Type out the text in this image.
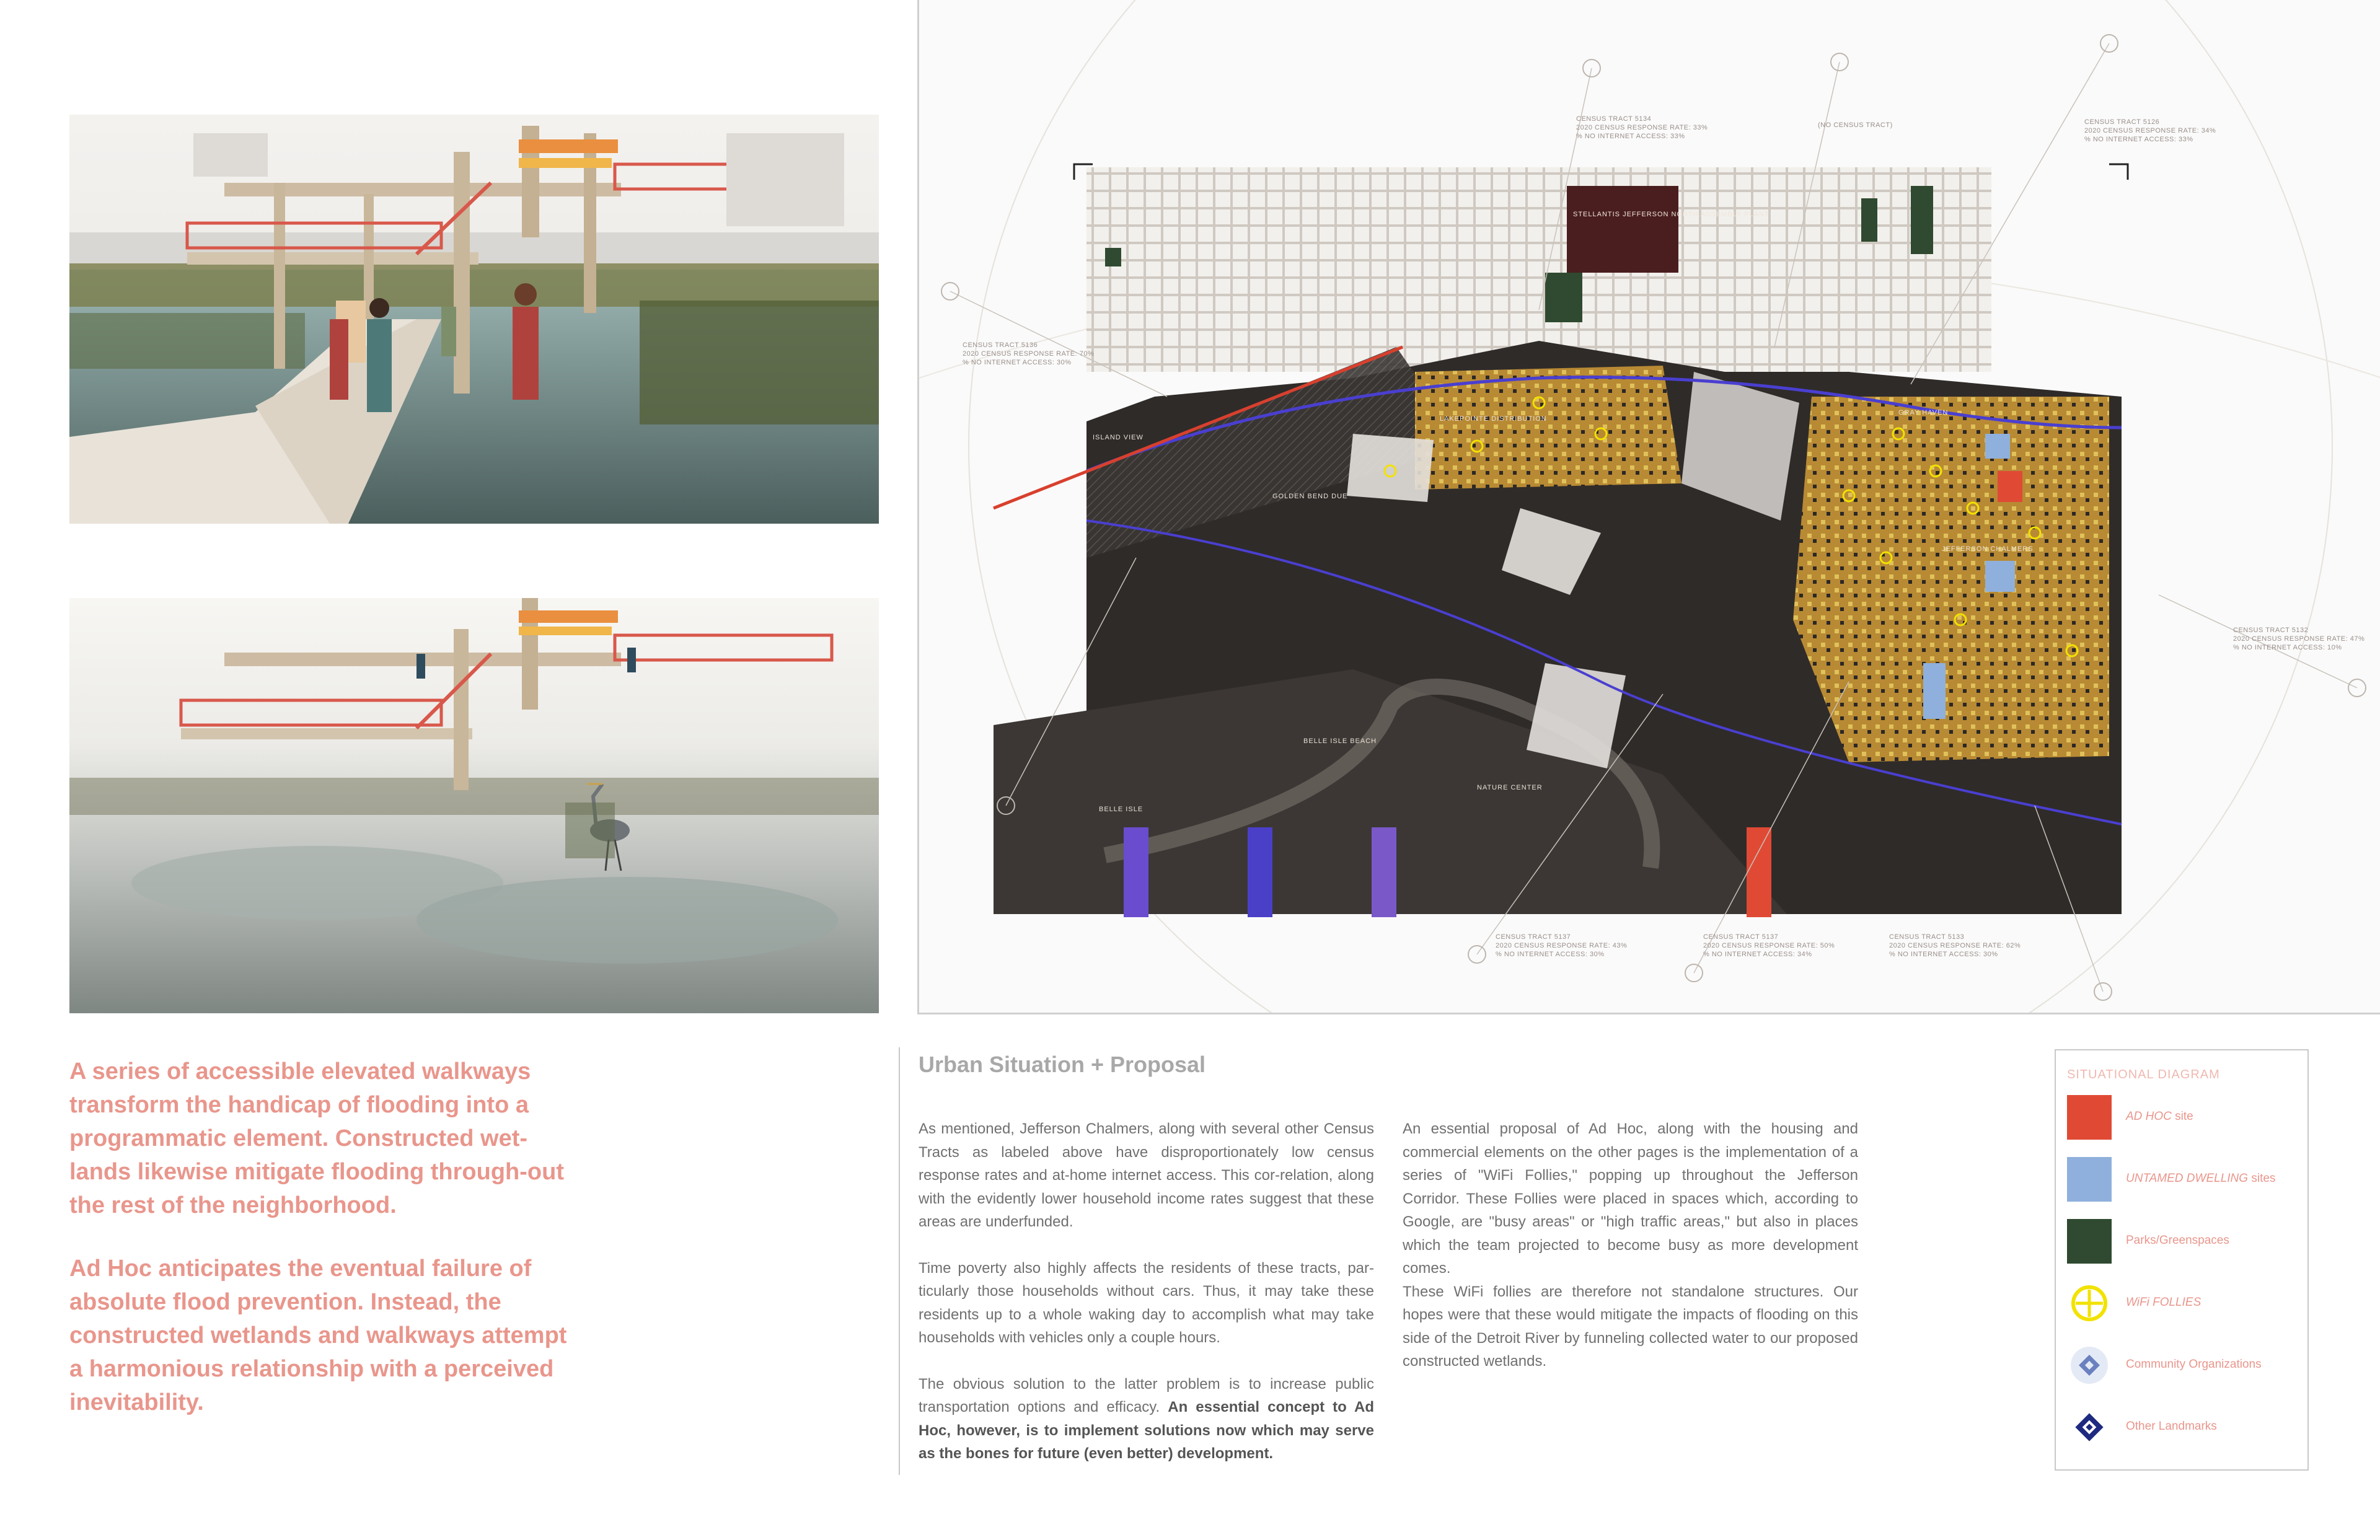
CENSUS TRACT 5134
2020 CENSUS RESPONSE RATE: 33%
% NO INTERNET ACCESS: 33%
(NO CENSUS TRACT)	CENSUS TRACT 5126
2020 CENSUS RESPONSE RATE: 34%
% NO INTERNET ACCESS: 33%
CENSUS TRACT 5136
2020 CENSUS RESPONSE RATE: 70%
% NO INTERNET ACCESS: 30%
CENSUS TRACT 5132
2020 CENSUS RESPONSE RATE: 47%
% NO INTERNET ACCESS: 10%
CENSUS TRACT 5137
2020 CENSUS RESPONSE RATE: 43%
% NO INTERNET ACCESS: 30%
CENSUS TRACT 5137
2020 CENSUS RESPONSE RATE: 50%
% NO INTERNET ACCESS: 34%
CENSUS TRACT 5133
2020 CENSUS RESPONSE RATE: 62%
% NO INTERNET ACCESS: 30%
STELLANTIS JEFFERSON NORTH ASSEMBLY PLANT
ISLAND VIEW
LAKEPOINTE DISTRIBUTION
BELLE ISLE BEACH
BELLE ISLE
NATURE CENTER
JEFFERSON CHALMERS
GRAY HAVEN
GOLDEN BEND DUE

A series of accessible elevated walkways transform the handicap of flooding into a programmatic element. Constructed wet-lands likewise mitigate flooding through-out the rest of the neighborhood.

Ad Hoc anticipates the eventual failure of absolute flood prevention. Instead, the constructed wetlands and walkways attempt a harmonious relationship with a perceived inevitability.

Urban Situation + Proposal

As mentioned, Jefferson Chalmers, along with several other Census Tracts as labeled above have disproportionately low census response rates and at-home internet access. This cor-relation, along with the evidently lower household income rates suggest that these areas are underfunded.

Time poverty also highly affects the residents of these tracts, par-ticularly those households without cars. Thus, it may take these residents up to a whole waking day to accomplish what may take households with vehicles only a couple hours.

The obvious solution to the latter problem is to increase public transportation options and efficacy. An essential concept to Ad Hoc, however, is to implement solutions now which may serve as the bones for future (even better) development.

An essential proposal of Ad Hoc, along with the housing and commercial elements on the other pages is the implementation of a series of "WiFi Follies," popping up throughout the Jefferson Corridor. These Follies were placed in spaces which, according to Google, are "busy areas" or "high traffic areas," but also in places which the team projected to become busy as more development comes.

These WiFi follies are therefore not standalone structures. Our hopes were that these would mitigate the impacts of flooding on this side of the Detroit River by funneling collected water to our proposed constructed wetlands.

SITUATIONAL DIAGRAM
AD HOC site
UNTAMED DWELLING sites
Parks/Greenspaces
WiFi FOLLIES
Community Organizations
Other Landmarks
